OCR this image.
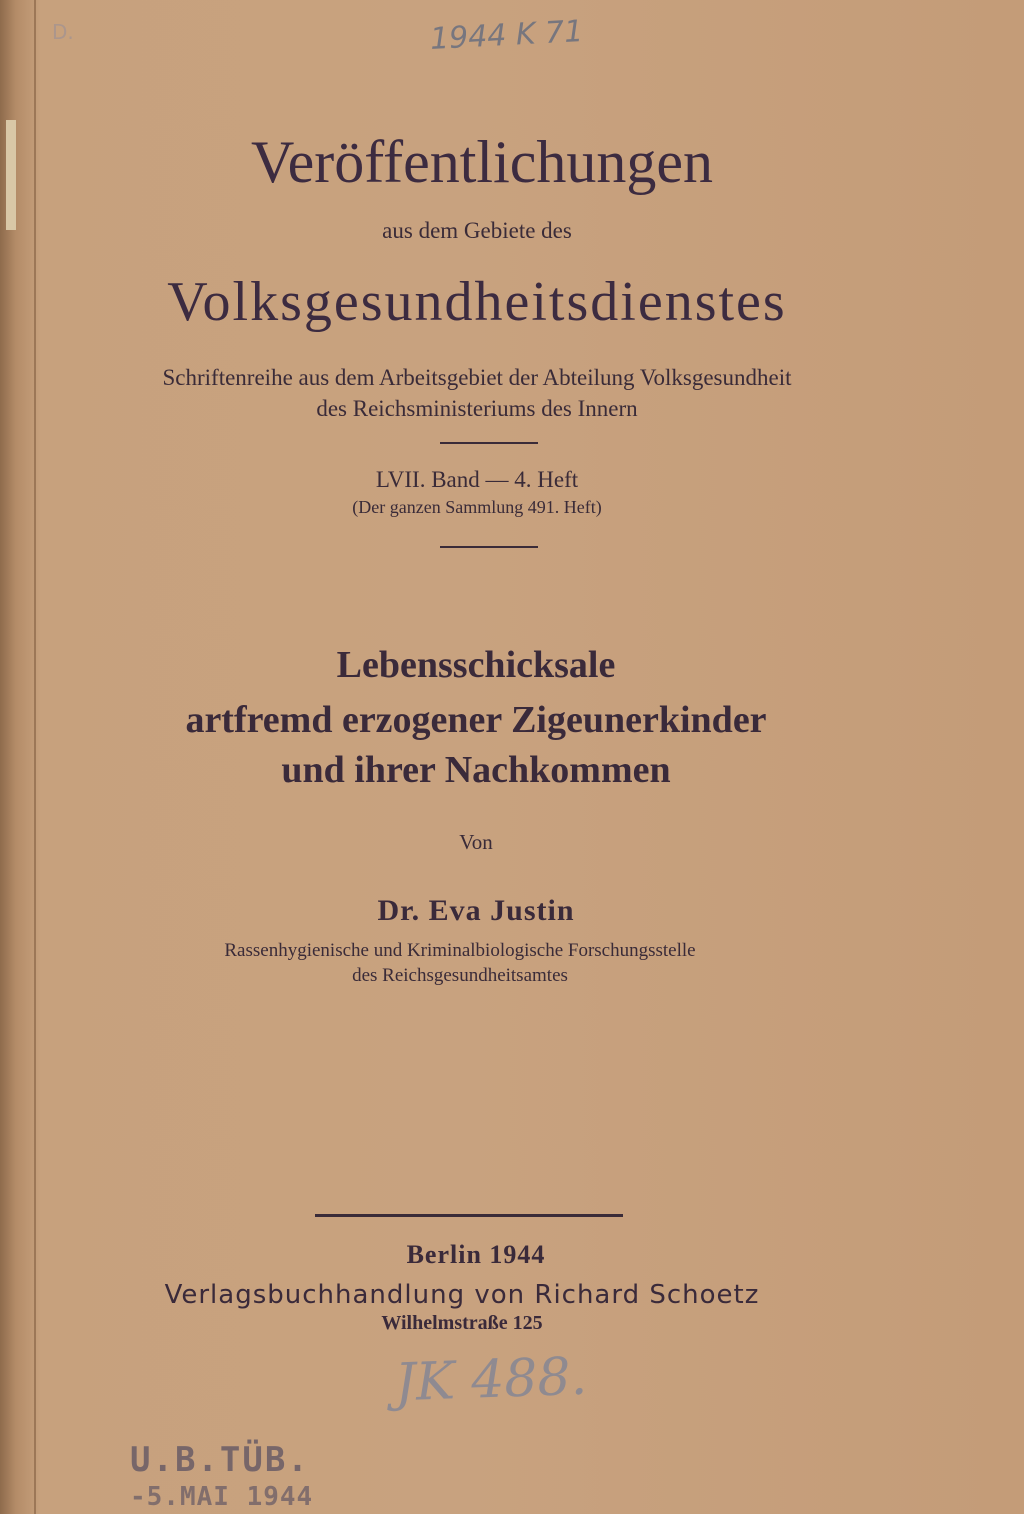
D.	1944 K 71
Veröffentlichungen
aus dem Gebiete des
Volksgesundheitsdienstes
Schriftenreihe aus dem Arbeitsgebiet der Abteilung Volksgesundheit
des Reichsministeriums des Innern
LVII. Band — 4. Heft
(Der ganzen Sammlung 491. Heft)
Lebensschicksale
artfremd erzogener Zigeunerkinder
und ihrer Nachkommen
Von
Dr. Eva Justin
Rassenhygienische und Kriminalbiologische Forschungsstelle
des Reichsgesundheitsamtes
Berlin 1944
Verlagsbuchhandlung von Richard Schoetz
Wilhelmstraße 125
JK 488.
U.B.TÜB.
-5.MAI 1944
